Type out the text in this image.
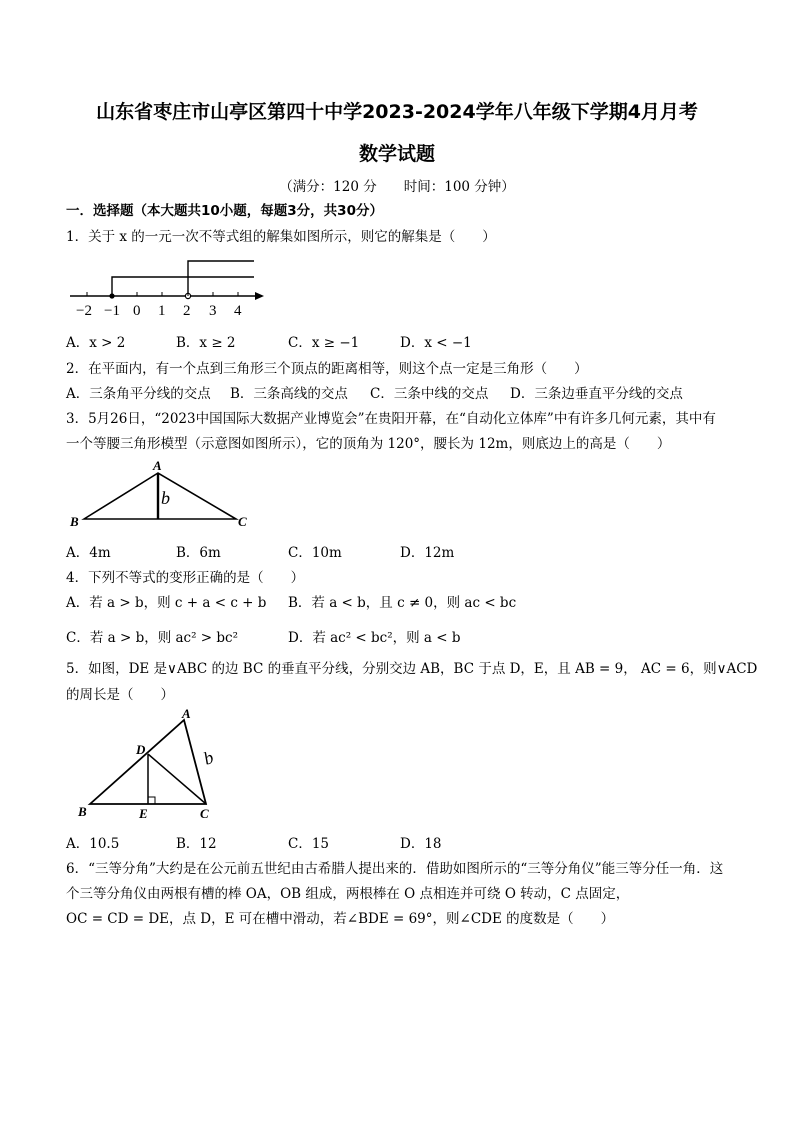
山东省枣庄市山亭区第四十中学2023-2024学年八年级下学期4月月考
数学试题
（满分：120 分　　时间：100 分钟）
一．选择题（本大题共10小题，每题3分，共30分）
1．关于 x 的一元一次不等式组的解集如图所示，则它的解集是（　　）
−2 −1 0 1 2 3 4
A．x > 2	B．x ≥ 2	C．x ≥ −1	D．x < −1
2．在平面内，有一个点到三角形三个顶点的距离相等，则这个点一定是三角形（　　）
A．三条角平分线的交点 B．三条高线的交点 C．三条中线的交点 D．三条边垂直平分线的交点
3．5月26日，“2023中国国际大数据产业博览会”在贵阳开幕，在“自动化立体库”中有许多几何元素，其中有
一个等腰三角形模型（示意图如图所示），它的顶角为 120°，腰长为 12m，则底边上的高是（　　）
A
B	C
b
A．4m	B．6m	C．10m	D．12m
4．下列不等式的变形正确的是（　　）
A．若 a > b，则 c + a < c + b B．若 a < b，且 c ≠ 0，则 ac < bc
C．若 a > b，则 ac² > bc²	D．若 ac² < bc²，则 a < b
5．如图，DE 是∨ABC 的边 BC 的垂直平分线，分别交边 AB，BC 于点 D，E，且 AB = 9， AC = 6，则∨ACD
的周长是（　　）
A
B	C
D
E
b
A．10.5	B．12	C．15	D．18
6．“三等分角”大约是在公元前五世纪由古希腊人提出来的．借助如图所示的“三等分角仪”能三等分任一角．这
个三等分角仪由两根有槽的棒 OA，OB 组成，两根棒在 O 点相连并可绕 O 转动，C 点固定，
OC = CD = DE，点 D，E 可在槽中滑动，若∠BDE = 69°，则∠CDE 的度数是（　　）
